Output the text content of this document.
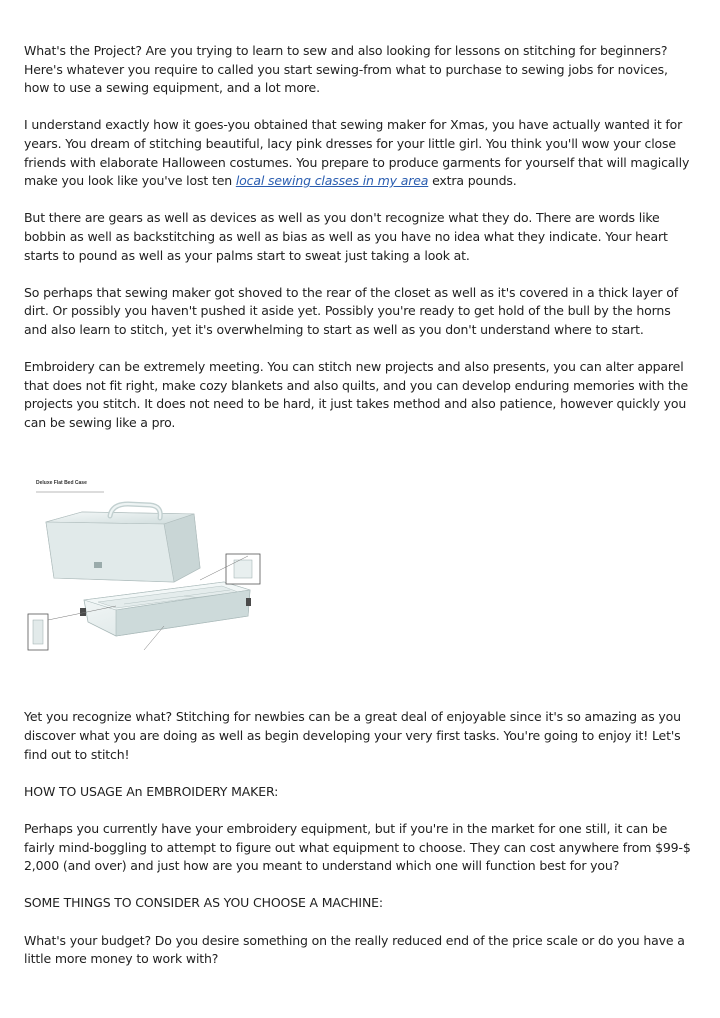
What's the Project? Are you trying to learn to sew and also looking for lessons on stitching for beginners? Here's whatever you require to called you start sewing-from what to purchase to sewing jobs for novices, how to use a sewing equipment, and a lot more.

I understand exactly how it goes-you obtained that sewing maker for Xmas, you have actually wanted it for years. You dream of stitching beautiful, lacy pink dresses for your little girl. You think you'll wow your close friends with elaborate Halloween costumes. You prepare to produce garments for yourself that will magically make you look like you've lost ten local sewing classes in my area extra pounds.

But there are gears as well as devices as well as you don't recognize what they do. There are words like bobbin as well as backstitching as well as bias as well as you have no idea what they indicate. Your heart starts to pound as well as your palms start to sweat just taking a look at.

So perhaps that sewing maker got shoved to the rear of the closet as well as it's covered in a thick layer of dirt. Or possibly you haven't pushed it aside yet. Possibly you're ready to get hold of the bull by the horns and also learn to stitch, yet it's overwhelming to start as well as you don't understand where to start.

Embroidery can be extremely meeting. You can stitch new projects and also presents, you can alter apparel that does not fit right, make cozy blankets and also quilts, and you can develop enduring memories with the projects you stitch. It does not need to be hard, it just takes method and also patience, however quickly you can be sewing like a pro.

Deluxe Flat Bed Case

Yet you recognize what? Stitching for newbies can be a great deal of enjoyable since it's so amazing as you discover what you are doing as well as begin developing your very first tasks. You're going to enjoy it! Let's find out to stitch!

HOW TO USAGE An EMBROIDERY MAKER:

Perhaps you currently have your embroidery equipment, but if you're in the market for one still, it can be fairly mind-boggling to attempt to figure out what equipment to choose. They can cost anywhere from $99-$ 2,000 (and over) and just how are you meant to understand which one will function best for you?

SOME THINGS TO CONSIDER AS YOU CHOOSE A MACHINE:

What's your budget? Do you desire something on the really reduced end of the price scale or do you have a little more money to work with?
